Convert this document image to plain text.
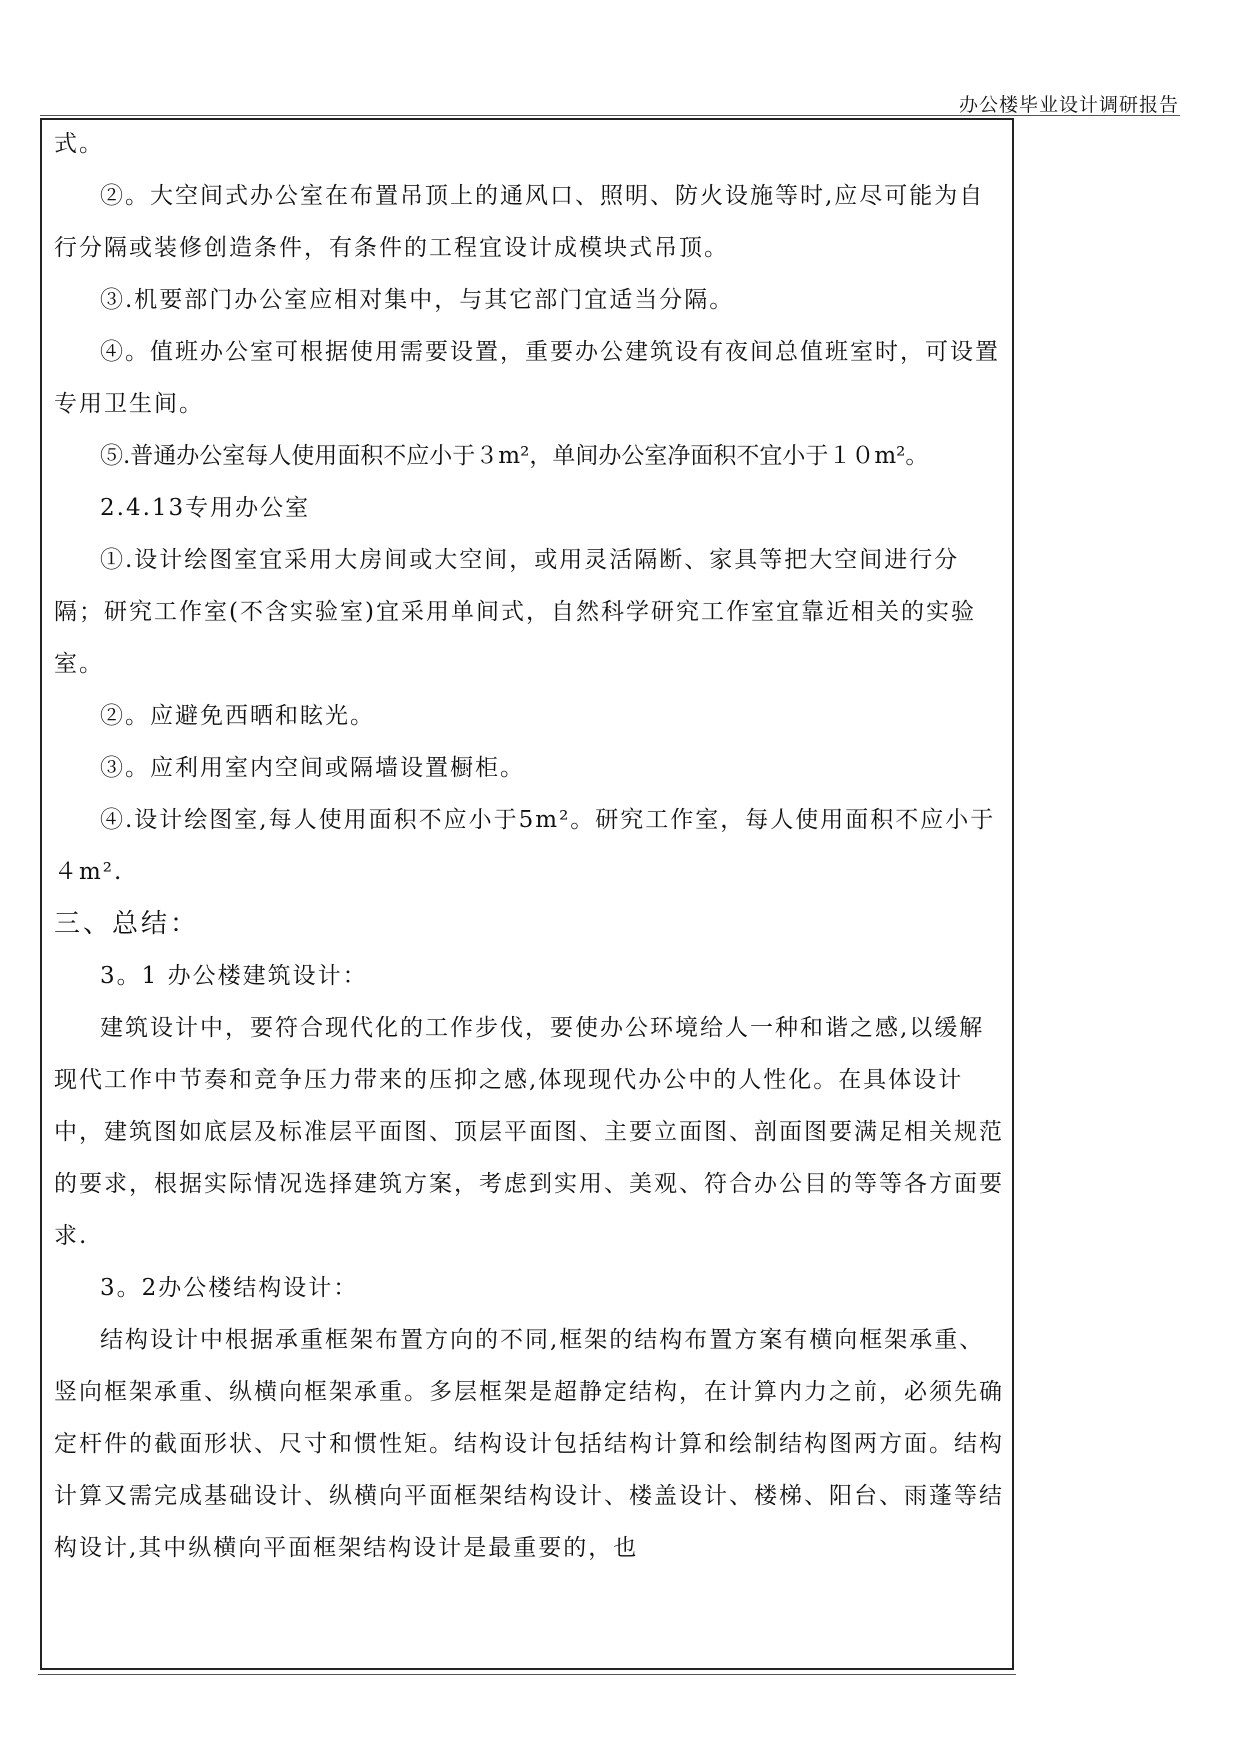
办公楼毕业设计调研报告

式。

②。大空间式办公室在布置吊顶上的通风口、照明、防火设施等时,应尽可能为自行分隔或装修创造条件，有条件的工程宜设计成模块式吊顶。

③.机要部门办公室应相对集中，与其它部门宜适当分隔。

④。值班办公室可根据使用需要设置，重要办公建筑设有夜间总值班室时，可设置专用卫生间。

⑤.普通办公室每人使用面积不应小于３m²，单间办公室净面积不宜小于１０m²。

2.4.13专用办公室

①.设计绘图室宜采用大房间或大空间，或用灵活隔断、家具等把大空间进行分隔；研究工作室(不含实验室)宜采用单间式，自然科学研究工作室宜靠近相关的实验室。

②。应避免西晒和眩光。

③。应利用室内空间或隔墙设置橱柜。

④.设计绘图室,每人使用面积不应小于5m²。研究工作室，每人使用面积不应小于４m².

三、总结：

3。1 办公楼建筑设计：

建筑设计中，要符合现代化的工作步伐，要使办公环境给人一种和谐之感,以缓解现代工作中节奏和竞争压力带来的压抑之感,体现现代办公中的人性化。在具体设计中，建筑图如底层及标准层平面图、顶层平面图、主要立面图、剖面图要满足相关规范的要求，根据实际情况选择建筑方案，考虑到实用、美观、符合办公目的等等各方面要求.

3。2办公楼结构设计：

结构设计中根据承重框架布置方向的不同,框架的结构布置方案有横向框架承重、竖向框架承重、纵横向框架承重。多层框架是超静定结构，在计算内力之前，必须先确定杆件的截面形状、尺寸和惯性矩。结构设计包括结构计算和绘制结构图两方面。结构计算又需完成基础设计、纵横向平面框架结构设计、楼盖设计、楼梯、阳台、雨蓬等结构设计,其中纵横向平面框架结构设计是最重要的，也
